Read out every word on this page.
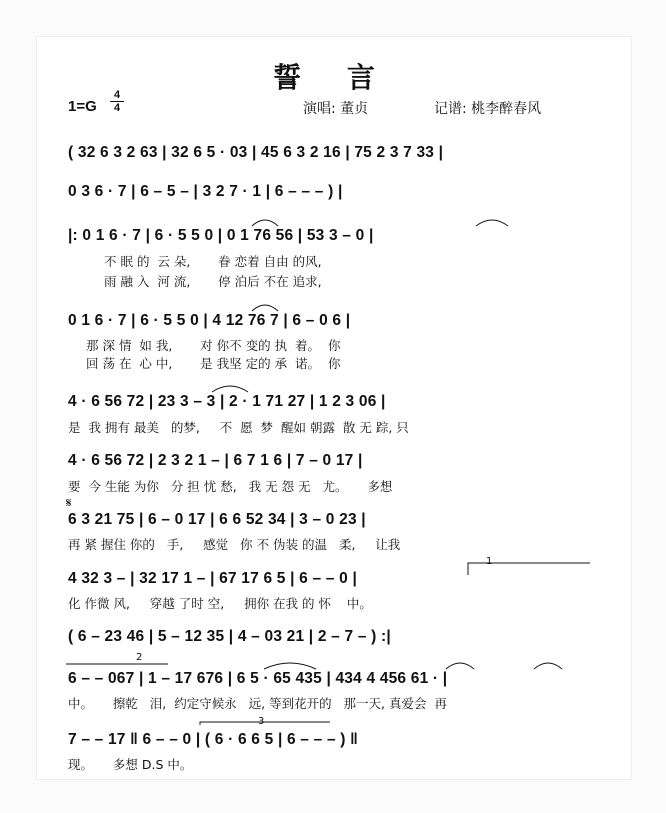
誓 言
1=G
4
4	演唱: 董贞	记谱: 桃李醉春风
( 32 6 3 2 63 | 32 6 5 · 03 | 45 6 3 2 16 | 75 2 3 7 33 |
0 3 6 · 7 | 6 – 5 – | 3 2 7 · 1 | 6 – – – ) |
|: 0 1 6 · 7 | 6 · 5 5 0 | 0 1 76 56 | 53 3 – 0 |
不 眠 的  云 朵,       眷 恋着 自由 的风,
雨 融 入  河 流,       停 泊后 不在 追求,
0 1 6 · 7 | 6 · 5 5 0 | 4 12 76 7 | 6 – 0 6 |
那 深 情  如 我,       对 你不 变的 执  着。  你
回 荡 在  心 中,       是 我坚 定的 承  诺。  你
4 · 6 56 72 | 23 3 – 3 | 2 · 1 71 27 | 1 2 3 06 |
是  我 拥有 最美   的梦,     不  愿  梦  醒如 朝露  散 无 踪, 只
4 · 6 56 72 | 2 3 2 1 – | 6 7 1 6 | 7 – 0 17 |
要  今 生能 为你   分 担 忧 愁,   我 无 怨 无   尤。     多想
𝄋
6 3 21 75 | 6 – 0 17 | 6 6 52 34 | 3 – 0 23 |
再 紧 握住 你的   手,     感觉   你 不 伪装 的温   柔,     让我
1
4 32 3 – | 32 17 1 – | 67 17 6 5 | 6 – – 0 |
化 作微 风,     穿越 了时 空,     拥你 在我 的 怀    中。
( 6 – 23 46 | 5 – 12 35 | 4 – 03 21 | 2 – 7 – ) :|
2
6 – – 067 | 1 – 17 676 | 6 5 · 65 435 | 434 4 456 61 · |
中。     擦乾   泪,  约定守候永   远, 等到花开的   那一天, 真爱会  再
3
7 – – 17 ‖ 6 – – 0 | ( 6 · 6 6 5 | 6 – – – ) ‖
现。     多想 D.S 中。
